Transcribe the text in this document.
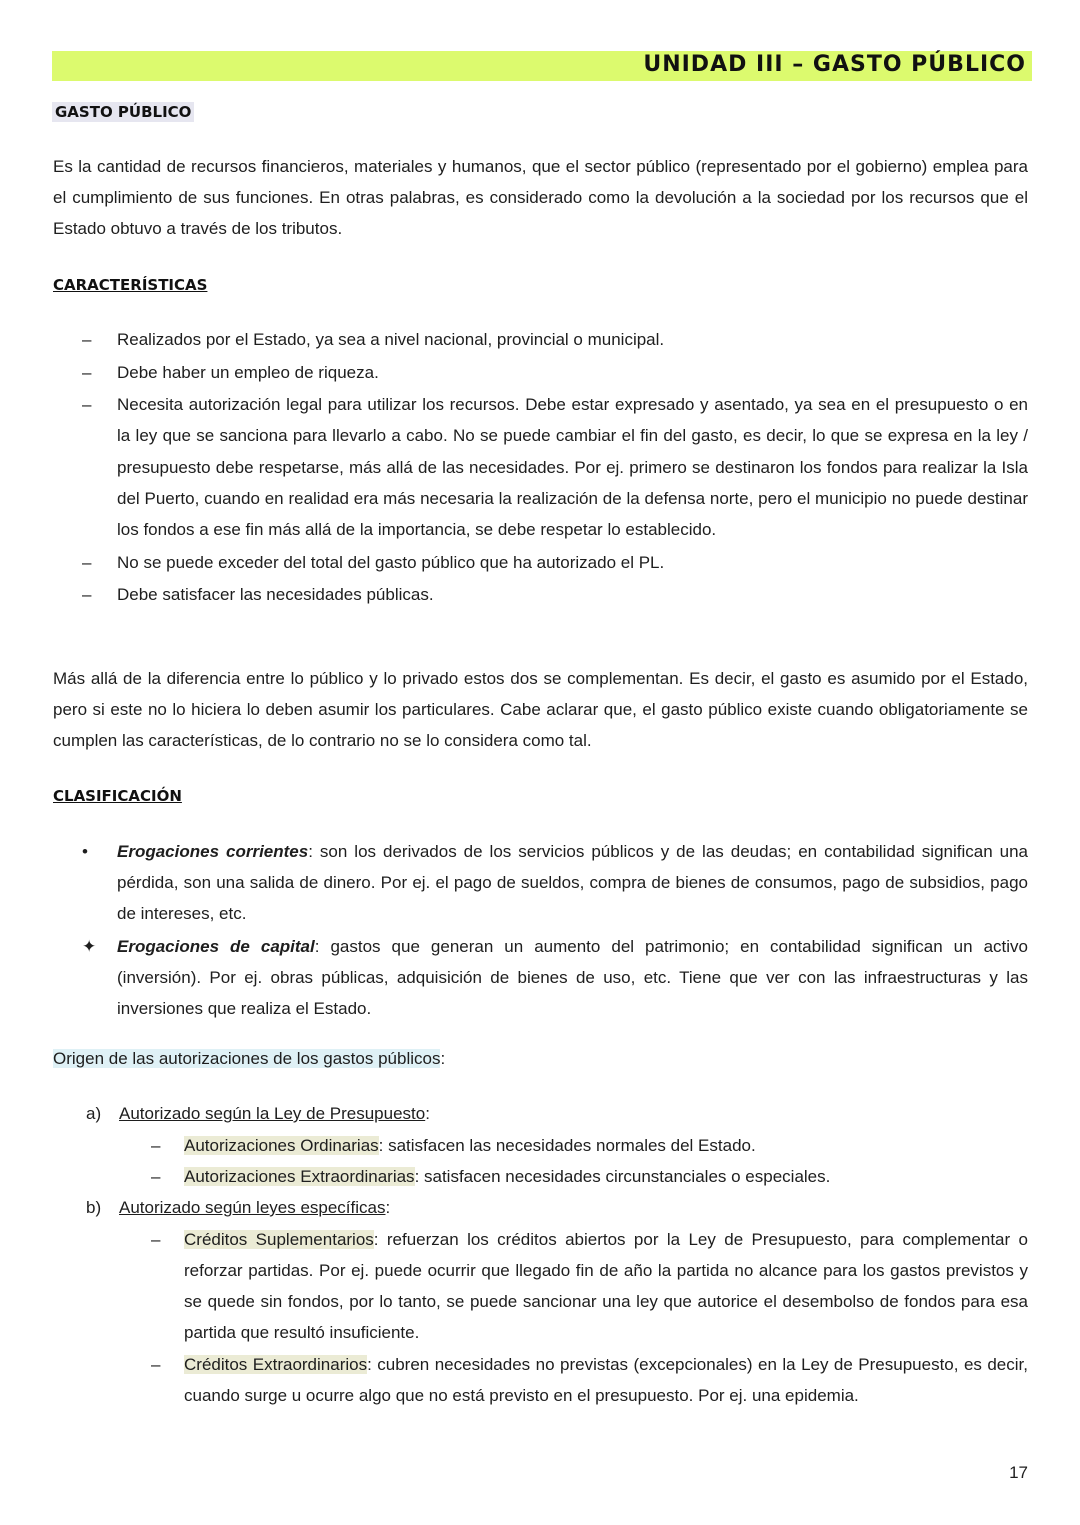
UNIDAD III – GASTO PÚBLICO
GASTO PÚBLICO

Es la cantidad de recursos financieros, materiales y humanos, que el sector público (representado por el gobierno) emplea para el cumplimiento de sus funciones. En otras palabras, es considerado como la devolución a la sociedad por los recursos que el Estado obtuvo a través de los tributos.

CARACTERÍSTICAS
–	Realizados por el Estado, ya sea a nivel nacional, provincial o municipal.
–	Debe haber un empleo de riqueza.
–	Necesita autorización legal para utilizar los recursos. Debe estar expresado y asentado, ya sea en el presupuesto o en la ley que se sanciona para llevarlo a cabo. No se puede cambiar el fin del gasto, es decir, lo que se expresa en la ley / presupuesto debe respetarse, más allá de las necesidades. Por ej. primero se destinaron los fondos para realizar la Isla del Puerto, cuando en realidad era más necesaria la realización de la defensa norte, pero el municipio no puede destinar los fondos a ese fin más allá de la importancia, se debe respetar lo establecido.
–	No se puede exceder del total del gasto público que ha autorizado el PL.
–	Debe satisfacer las necesidades públicas.

Más allá de la diferencia entre lo público y lo privado estos dos se complementan. Es decir, el gasto es asumido por el Estado, pero si este no lo hiciera lo deben asumir los particulares. Cabe aclarar que, el gasto público existe cuando obligatoriamente se cumplen las características, de lo contrario no se lo considera como tal.

CLASIFICACIÓN
•	Erogaciones corrientes: son los derivados de los servicios públicos y de las deudas; en contabilidad significan una pérdida, son una salida de dinero. Por ej. el pago de sueldos, compra de bienes de consumos, pago de subsidios, pago de intereses, etc.
✦	Erogaciones de capital: gastos que generan un aumento del patrimonio; en contabilidad significan un activo (inversión). Por ej. obras públicas, adquisición de bienes de uso, etc. Tiene que ver con las infraestructuras y las inversiones que realiza el Estado.
Origen de las autorizaciones de los gastos públicos:
a) Autorizado según la Ley de Presupuesto:
– Autorizaciones Ordinarias: satisfacen las necesidades normales del Estado.
– Autorizaciones Extraordinarias: satisfacen necesidades circunstanciales o especiales.
b) Autorizado según leyes específicas:
– Créditos Suplementarios: refuerzan los créditos abiertos por la Ley de Presupuesto, para complementar o reforzar partidas. Por ej. puede ocurrir que llegado fin de año la partida no alcance para los gastos previstos y se quede sin fondos, por lo tanto, se puede sancionar una ley que autorice el desembolso de fondos para esa partida que resultó insuficiente.
– Créditos Extraordinarios: cubren necesidades no previstas (excepcionales) en la Ley de Presupuesto, es decir, cuando surge u ocurre algo que no está previsto en el presupuesto. Por ej. una epidemia.
17
